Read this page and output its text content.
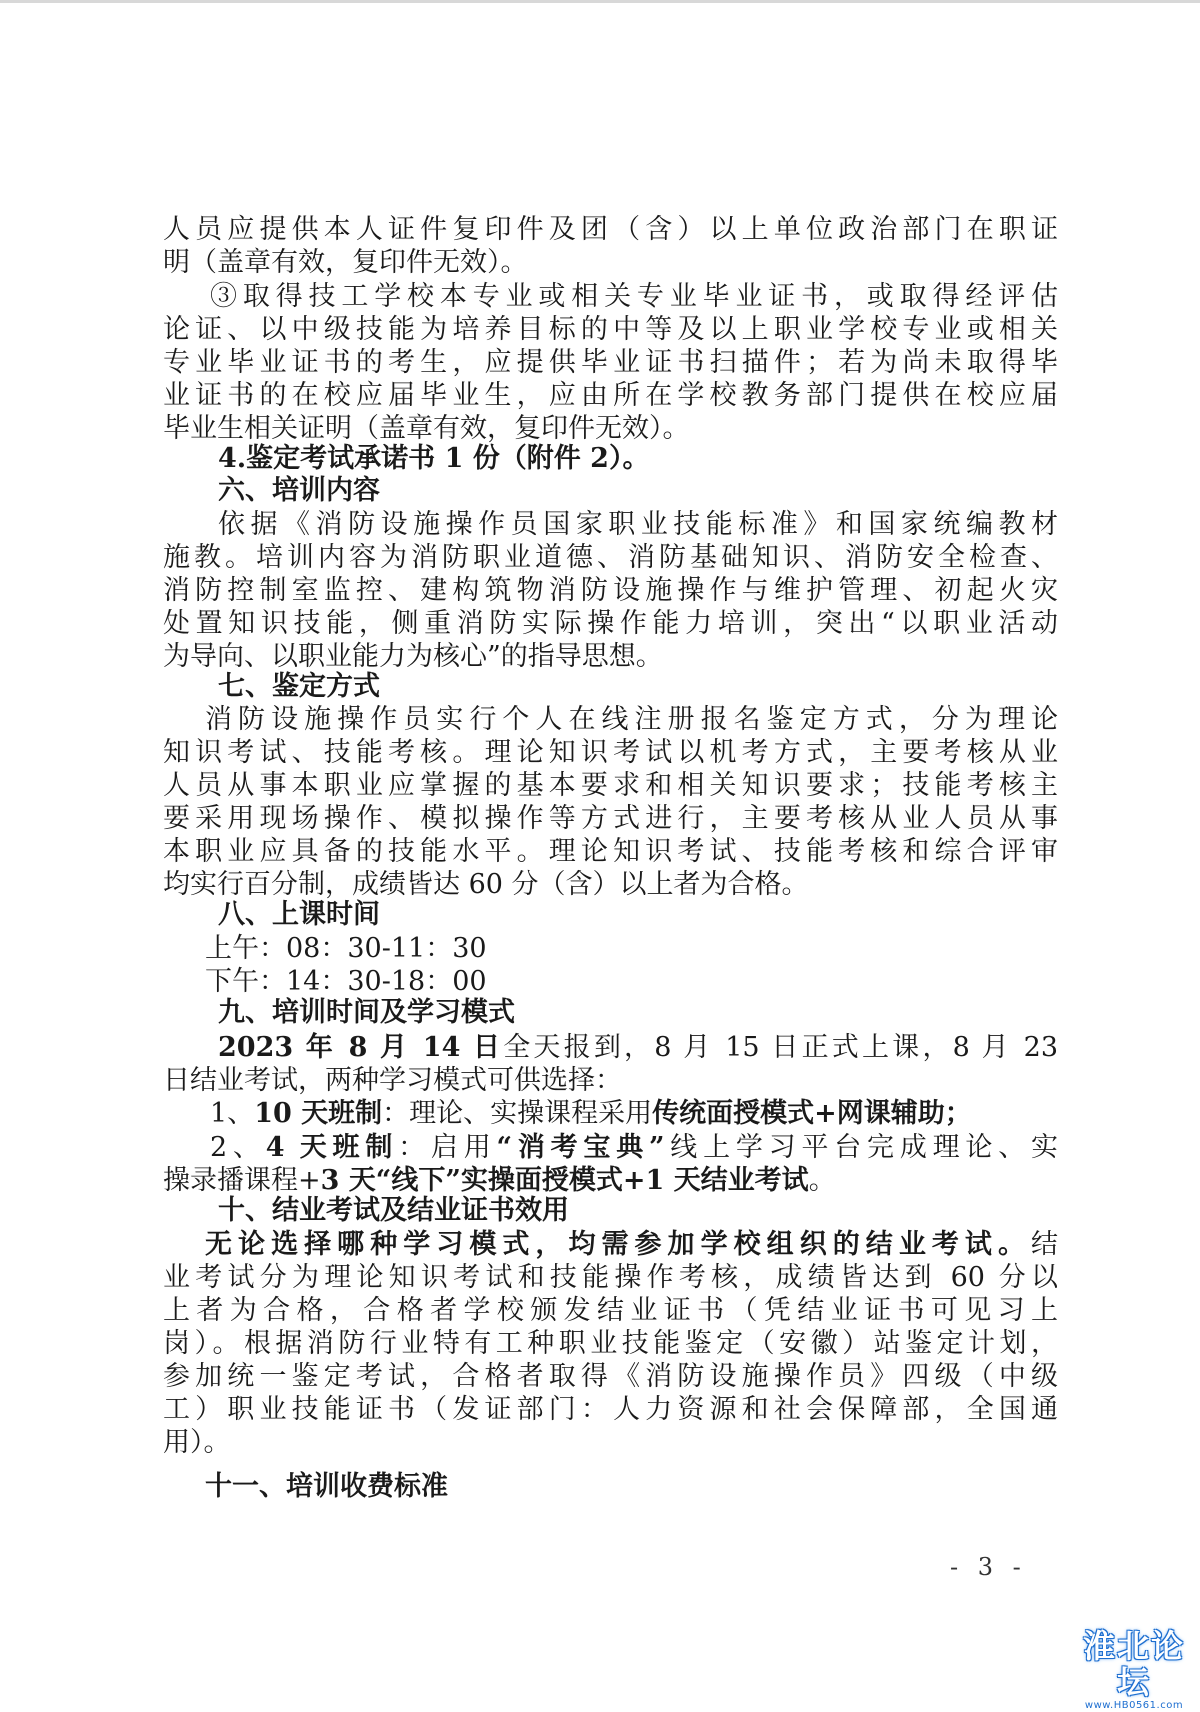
人员应提供本人证件复印件及团（含）以上单位政治部门在职证
明（盖章有效，复印件无效）。
③取得技工学校本专业或相关专业毕业证书，或取得经评估
论证、以中级技能为培养目标的中等及以上职业学校专业或相关
专业毕业证书的考生，应提供毕业证书扫描件；若为尚未取得毕
业证书的在校应届毕业生，应由所在学校教务部门提供在校应届
毕业生相关证明（盖章有效，复印件无效）。
4.鉴定考试承诺书 1 份（附件 2）。
六、培训内容
依据《消防设施操作员国家职业技能标准》和国家统编教材
施教。培训内容为消防职业道德、消防基础知识、消防安全检查、
消防控制室监控、建构筑物消防设施操作与维护管理、初起火灾
处置知识技能，侧重消防实际操作能力培训，突出“以职业活动
为导向、以职业能力为核心”的指导思想。
七、鉴定方式
消防设施操作员实行个人在线注册报名鉴定方式，分为理论
知识考试、技能考核。理论知识考试以机考方式，主要考核从业
人员从事本职业应掌握的基本要求和相关知识要求；技能考核主
要采用现场操作、模拟操作等方式进行，主要考核从业人员从事
本职业应具备的技能水平。理论知识考试、技能考核和综合评审
均实行百分制，成绩皆达 60 分（含）以上者为合格。
八、上课时间
上午：08：30-11：30
下午：14：30-18：00
九、培训时间及学习模式
2023 年 8 月 14 日全天报到，8 月 15 日正式上课，8 月 23
日结业考试，两种学习模式可供选择：
1、10 天班制：理论、实操课程采用传统面授模式+网课辅助；
2、4 天班制：启用“消考宝典”线上学习平台完成理论、实
操录播课程+3 天“线下”实操面授模式+1 天结业考试。
十、结业考试及结业证书效用
无论选择哪种学习模式，均需参加学校组织的结业考试。结
业考试分为理论知识考试和技能操作考核，成绩皆达到 60 分以
上者为合格，合格者学校颁发结业证书（凭结业证书可见习上
岗）。根据消防行业特有工种职业技能鉴定（安徽）站鉴定计划，
参加统一鉴定考试，合格者取得《消防设施操作员》四级（中级
工）职业技能证书（发证部门：人力资源和社会保障部，全国通
用）。
十一、培训收费标准
- 3 -
淮北论坛
www.HB0561.com
